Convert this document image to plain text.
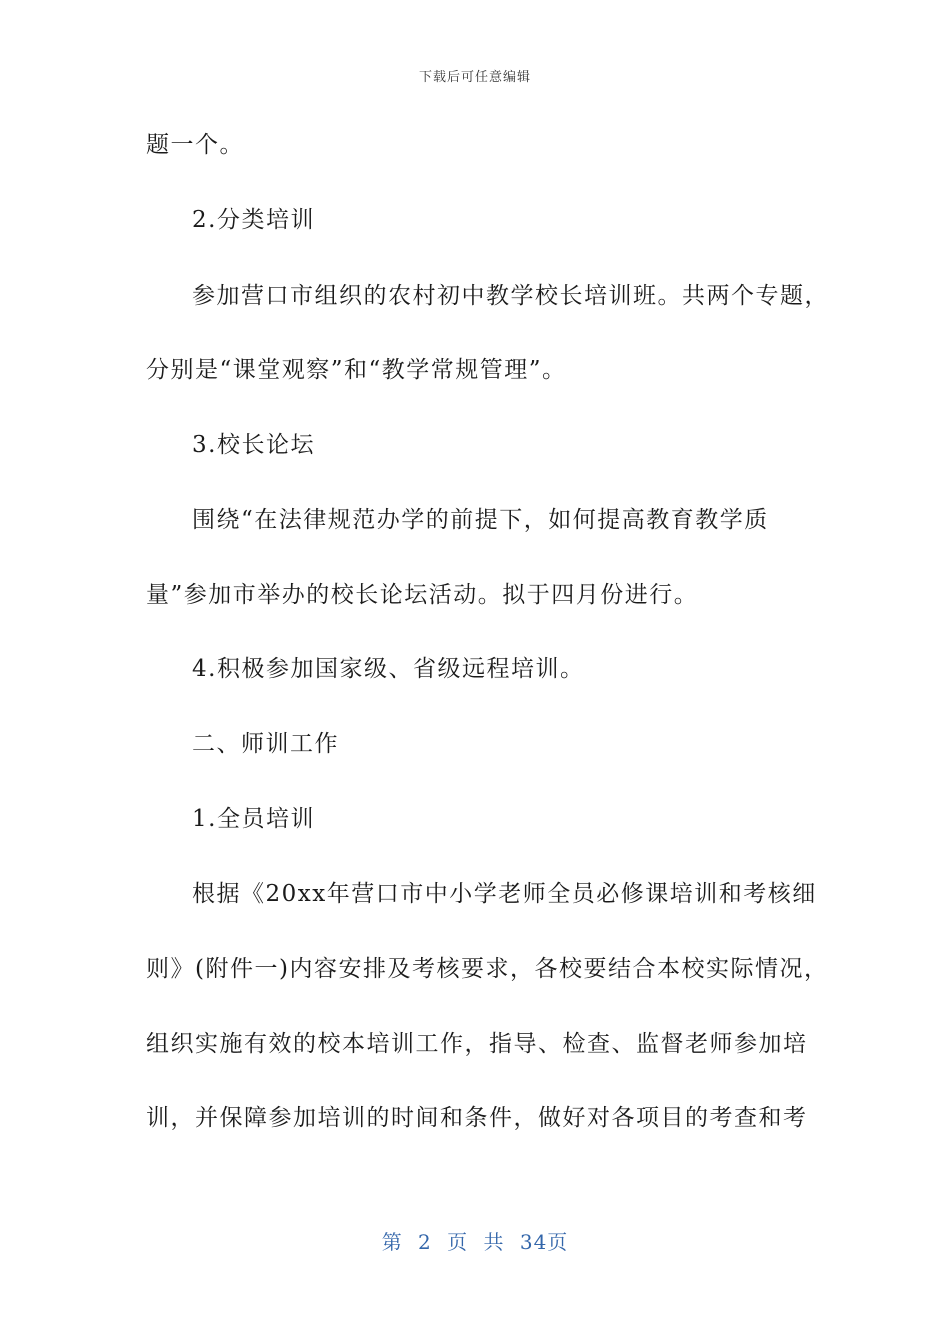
下载后可任意编辑
题一个。
2.分类培训
参加营口市组织的农村初中教学校长培训班。共两个专题，
分别是“课堂观察”和“教学常规管理”。
3.校长论坛
围绕“在法律规范办学的前提下，如何提高教育教学质
量”参加市举办的校长论坛活动。拟于四月份进行。
4.积极参加国家级、省级远程培训。
二、师训工作
1.全员培训
根据《20xx年营口市中小学老师全员必修课培训和考核细
则》(附件一)内容安排及考核要求，各校要结合本校实际情况，
组织实施有效的校本培训工作，指导、检查、监督老师参加培
训，并保障参加培训的时间和条件，做好对各项目的考查和考
第 2 页 共 34页
